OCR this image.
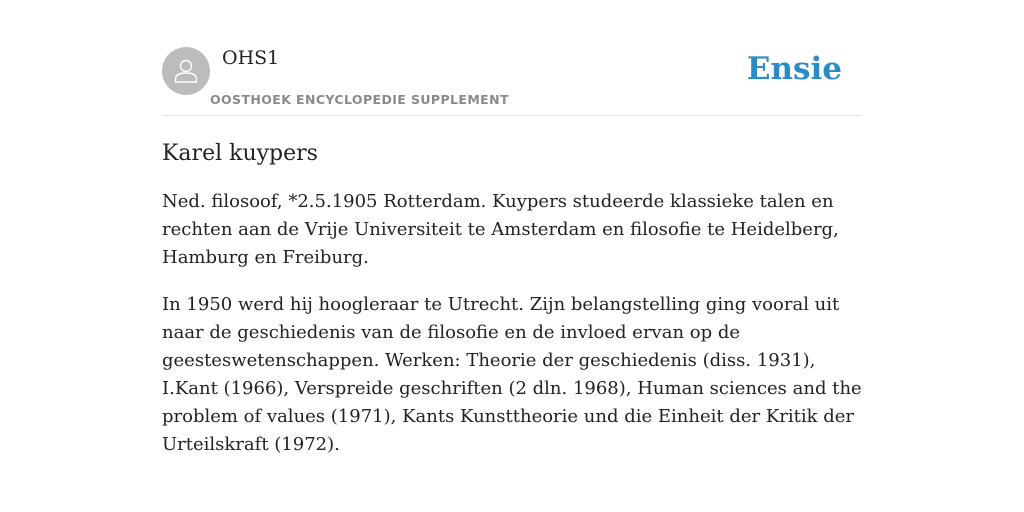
OHS1
OOSTHOEK ENCYCLOPEDIE SUPPLEMENT
Ensie
Karel kuypers

Ned. filosoof, *2.5.1905 Rotterdam. Kuypers studeerde klassieke talen en rechten aan de Vrije Universiteit te Amsterdam en filosofie te Heidelberg, Hamburg en Freiburg.

In 1950 werd hij hoogleraar te Utrecht. Zijn belangstelling ging vooral uit naar de geschiedenis van de filosofie en de invloed ervan op de geesteswetenschappen. Werken: Theorie der geschiedenis (diss. 1931), I.Kant (1966), Verspreide geschriften (2 dln. 1968), Human sciences and the problem of values (1971), Kants Kunsttheorie und die Einheit der Kritik der Urteilskraft (1972).
